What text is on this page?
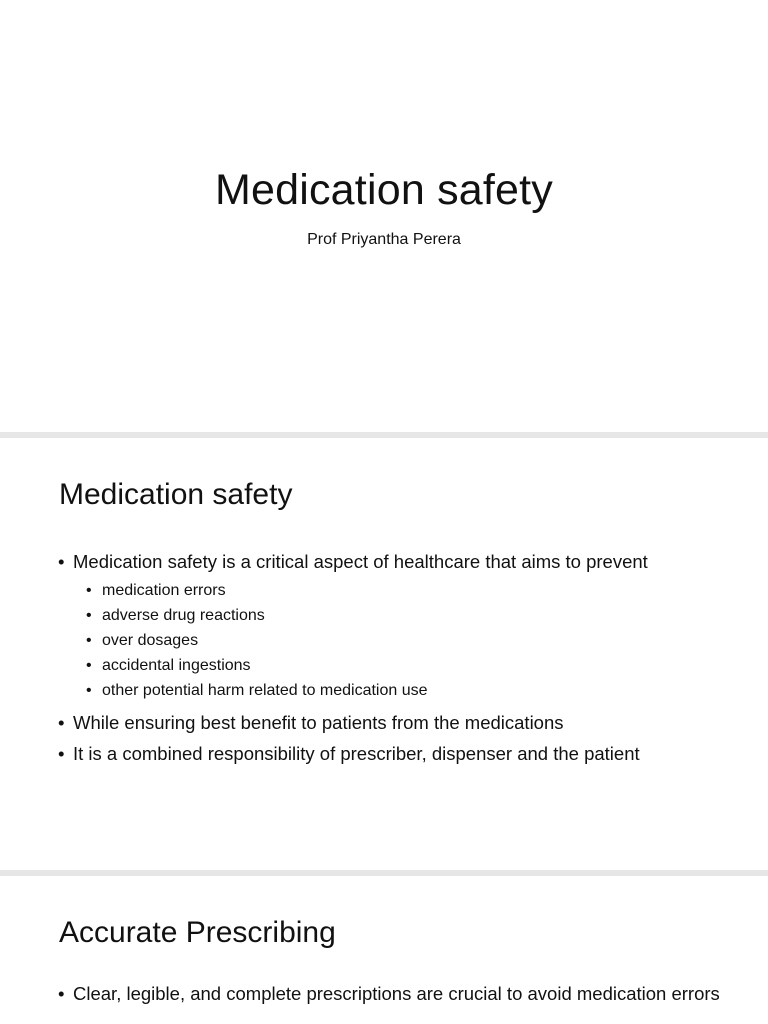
Medication safety
Prof Priyantha Perera
Medication safety
• Medication safety is a critical aspect of healthcare that aims to prevent
• medication errors
• adverse drug reactions
• over dosages
• accidental ingestions
• other potential harm related to medication use
• While ensuring best benefit to patients from the medications
• It is a combined responsibility of prescriber, dispenser and the patient
Accurate Prescribing
• Clear, legible, and complete prescriptions are crucial to avoid medication errors
